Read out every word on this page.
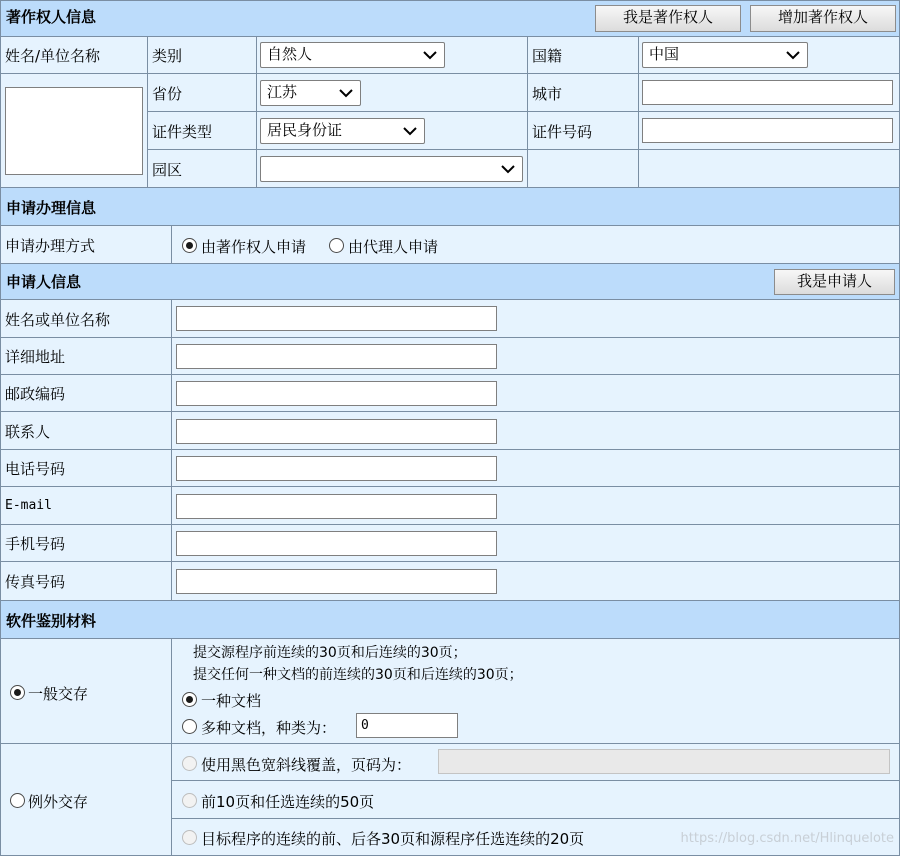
著作权人信息	我是著作权人	增加著作权人
姓名/单位名称	类别	自然人	国籍	中国
省份	江苏	城市
证件类型	居民身份证	证件号码
园区
申请办理信息
申请办理方式	由著作权人申请	由代理人申请
申请人信息	我是申请人
姓名或单位名称
详细地址
邮政编码
联系人
电话号码
E-mail
手机号码
传真号码
软件鉴别材料
一般交存
提交源程序前连续的30页和后连续的30页；
提交任何一种文档的前连续的30页和后连续的30页；
一种文档
多种文档，种类为：	0
例外交存
使用黑色宽斜线覆盖，页码为：
前10页和任选连续的50页
目标程序的连续的前、后各30页和源程序任选连续的20页	https://blog.csdn.net/Hlinquelote
